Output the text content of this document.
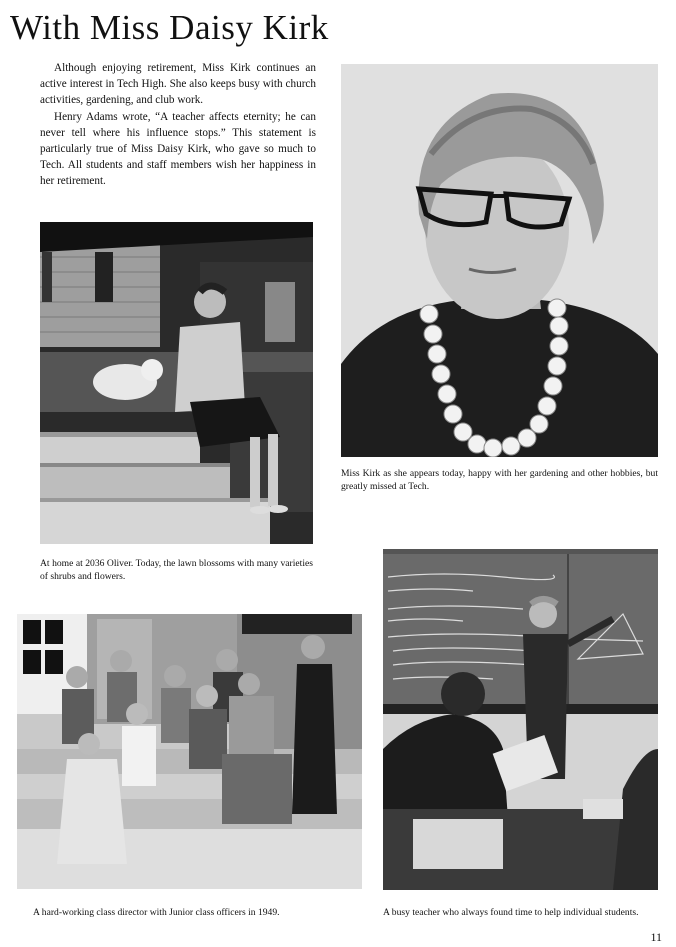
With Miss Daisy Kirk

Although enjoying retirement, Miss Kirk continues an active interest in Tech High. She also keeps busy with church activities, gardening, and club work.

Henry Adams wrote, “A teacher affects eternity; he can never tell where his influence stops.” This statement is particularly true of Miss Daisy Kirk, who gave so much to Tech. All students and staff members wish her happiness in her retirement.

Miss Kirk as she appears today, happy with her gardening and other hobbies, but greatly missed at Tech.
At home at 2036 Oliver. Today, the lawn blossoms with many varieties of shrubs and flowers.
A hard-working class director with Junior class officers in 1949.	A busy teacher who always found time to help individual students.
11
